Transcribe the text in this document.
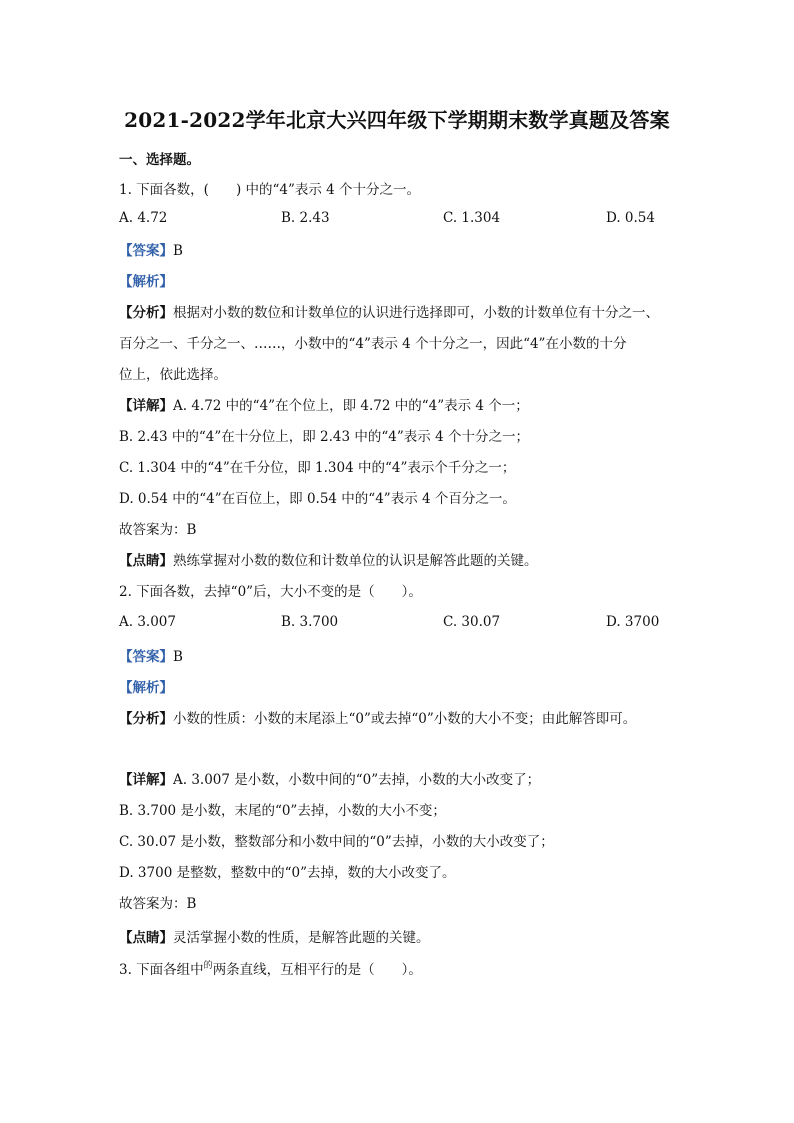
2021-2022学年北京大兴四年级下学期期末数学真题及答案
一、选择题。
1. 下面各数，(　　) 中的“4”表示 4 个十分之一。
A. 4.72	B. 2.43	C. 1.304	D. 0.54
【答案】B
【解析】
【分析】根据对小数的数位和计数单位的认识进行选择即可，小数的计数单位有十分之一、
百分之一、千分之一、……，小数中的“4”表示 4 个十分之一，因此“4”在小数的十分
位上，依此选择。
【详解】A. 4.72 中的“4”在个位上，即 4.72 中的“4”表示 4 个一；
B. 2.43 中的“4”在十分位上，即 2.43 中的“4”表示 4 个十分之一；
C. 1.304 中的“4”在千分位，即 1.304 中的“4”表示个千分之一；
D. 0.54 中的“4”在百位上，即 0.54 中的“4”表示 4 个百分之一。
故答案为：B
【点睛】熟练掌握对小数的数位和计数单位的认识是解答此题的关键。
2. 下面各数，去掉“0”后，大小不变的是（　　）。
A. 3.007	B. 3.700	C. 30.07	D. 3700
【答案】B
【解析】
【分析】小数的性质：小数的末尾添上“0”或去掉“0”小数的大小不变；由此解答即可。
【详解】A. 3.007 是小数，小数中间的“0”去掉，小数的大小改变了；
B. 3.700 是小数，末尾的“0”去掉，小数的大小不变；
C. 30.07 是小数，整数部分和小数中间的“0”去掉，小数的大小改变了；
D. 3700 是整数，整数中的“0”去掉，数的大小改变了。
故答案为：B
【点睛】灵活掌握小数的性质，是解答此题的关键。
3. 下面各组中$^的$两条直线，互相平行的是（　　）。
